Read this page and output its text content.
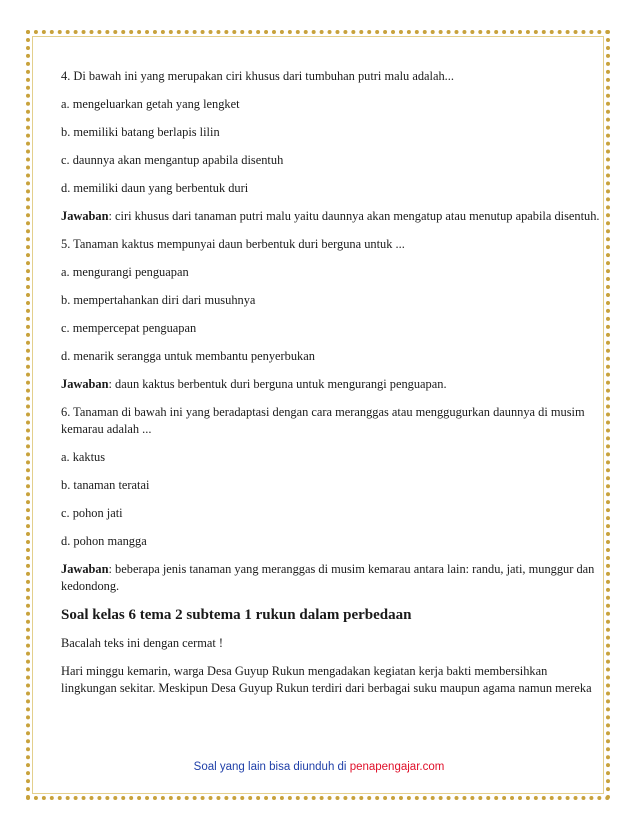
4. Di bawah ini yang merupakan ciri khusus dari tumbuhan putri malu adalah...

a. mengeluarkan getah yang lengket

b. memiliki batang berlapis lilin

c. daunnya akan mengantup apabila disentuh

d. memiliki daun yang berbentuk duri

Jawaban: ciri khusus dari tanaman putri malu yaitu daunnya akan mengatup atau menutup apabila disentuh.

5. Tanaman kaktus mempunyai daun berbentuk duri berguna untuk ...

a. mengurangi penguapan

b. mempertahankan diri dari musuhnya

c. mempercepat penguapan

d. menarik serangga untuk membantu penyerbukan

Jawaban: daun kaktus berbentuk duri berguna untuk mengurangi penguapan.

6. Tanaman di bawah ini yang beradaptasi dengan cara meranggas atau menggugurkan daunnya di musim kemarau adalah ...

a. kaktus

b. tanaman teratai

c. pohon jati

d. pohon mangga

Jawaban: beberapa jenis tanaman yang meranggas di musim kemarau antara lain: randu, jati, munggur dan kedondong.

Soal kelas 6 tema 2 subtema 1 rukun dalam perbedaan

Bacalah teks ini dengan cermat !

Hari minggu kemarin, warga Desa Guyup Rukun mengadakan kegiatan kerja bakti membersihkan lingkungan sekitar. Meskipun Desa Guyup Rukun terdiri dari berbagai suku maupun agama namun mereka

Soal yang lain bisa diunduh di penapengajar.com
